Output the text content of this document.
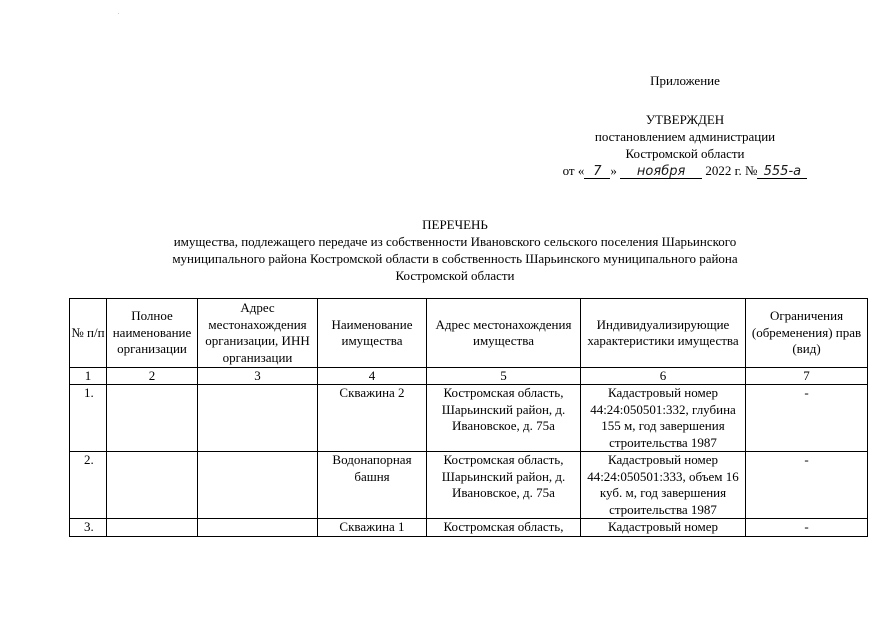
Приложение
УТВЕРЖДЕН
постановлением администрации
Костромской области
от « 7 » ноября 2022 г. № 555-а
ПЕРЕЧЕНЬ
имущества, подлежащего передаче из собственности Ивановского сельского поселения Шарьинского
муниципального района Костромской области в собственность Шарьинского муниципального района
Костромской области
№ п/п	Полное наименование организации	Адрес местонахождения организации, ИНН организации	Наименование имущества	Адрес местонахождения имущества	Индивидуализирующие характеристики имущества	Ограничения (обременения) прав (вид)
1	2	3	4	5	6	7
1.			Скважина 2	Костромская область, Шарьинский район, д. Ивановское, д. 75а	Кадастровый номер 44:24:050501:332, глубина 155 м, год завершения строительства 1987	-
2.			Водонапорная башня	Костромская область, Шарьинский район, д. Ивановское, д. 75а	Кадастровый номер 44:24:050501:333, объем 16 куб. м, год завершения строительства 1987	-
3.			Скважина 1	Костромская область,	Кадастровый номер	-
